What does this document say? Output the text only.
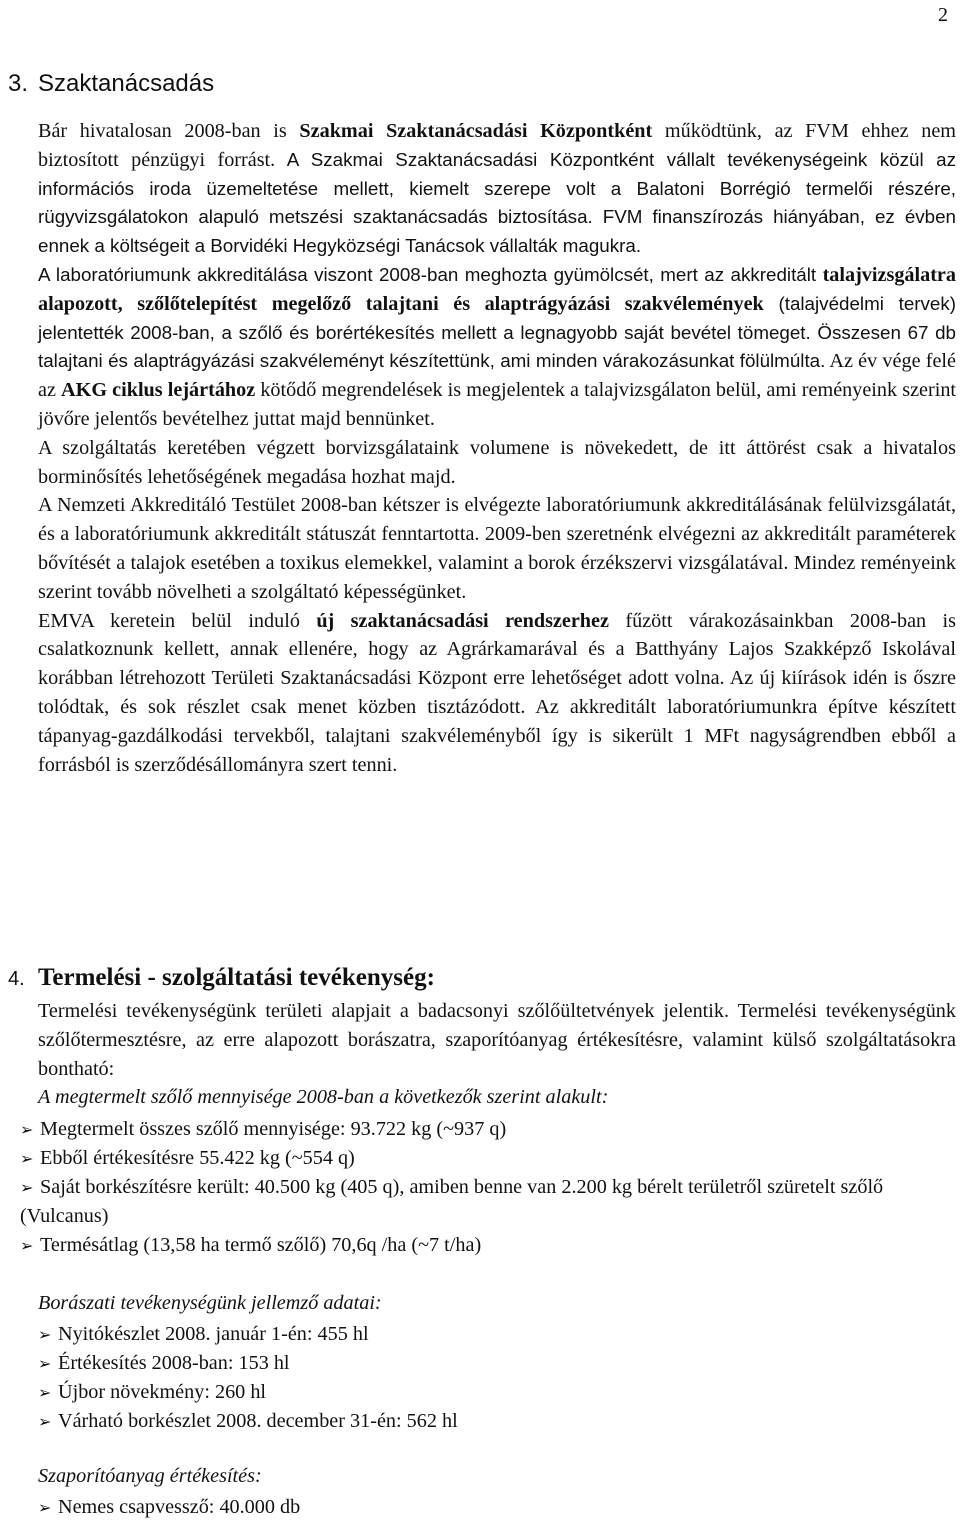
2
3. Szaktanácsadás

Bár hivatalosan 2008-ban is Szakmai Szaktanácsadási Központként működtünk, az FVM ehhez nem biztosított pénzügyi forrást. A Szakmai Szaktanácsadási Központként vállalt tevékenységeink közül az információs iroda üzemeltetése mellett, kiemelt szerepe volt a Balatoni Borrégió termelői részére, rügyvizsgálatokon alapuló metszési szaktanácsadás biztosítása. FVM finanszírozás hiányában, ez évben ennek a költségeit a Borvidéki Hegyközségi Tanácsok vállalták magukra.

A laboratóriumunk akkreditálása viszont 2008-ban meghozta gyümölcsét, mert az akkreditált talajvizsgálatra alapozott, szőlőtelepítést megelőző talajtani és alaptrágyázási szakvélemények (talajvédelmi tervek) jelentették 2008-ban, a szőlő és borértékesítés mellett a legnagyobb saját bevétel tömeget. Összesen 67 db talajtani és alaptrágyázási szakvéleményt készítettünk, ami minden várakozásunkat fölülmúlta. Az év vége felé az AKG ciklus lejártához kötődő megrendelések is megjelentek a talajvizsgálaton belül, ami reményeink szerint jövőre jelentős bevételhez juttat majd bennünket.

A szolgáltatás keretében végzett borvizsgálataink volumene is növekedett, de itt áttörést csak a hivatalos borminősítés lehetőségének megadása hozhat majd.

A Nemzeti Akkreditáló Testület 2008-ban kétszer is elvégezte laboratóriumunk akkreditálásának felülvizsgálatát, és a laboratóriumunk akkreditált státuszát fenntartotta. 2009-ben szeretnénk elvégezni az akkreditált paraméterek bővítését a talajok esetében a toxikus elemekkel, valamint a borok érzékszervi vizsgálatával. Mindez reményeink szerint tovább növelheti a szolgáltató képességünket.

EMVA keretein belül induló új szaktanácsadási rendszerhez fűzött várakozásainkban 2008-ban is csalatkoznunk kellett, annak ellenére, hogy az Agrárkamarával és a Batthyány Lajos Szakképző Iskolával korábban létrehozott Területi Szaktanácsadási Központ erre lehetőséget adott volna. Az új kiírások idén is őszre tolódtak, és sok részlet csak menet közben tisztázódott. Az akkreditált laboratóriumunkra építve készített tápanyag-gazdálkodási tervekből, talajtani szakvéleményből így is sikerült 1 MFt nagyságrendben ebből a forrásból is szerződésállományra szert tenni.

4. Termelési - szolgáltatási tevékenység:

Termelési tevékenységünk területi alapjait a badacsonyi szőlőültetvények jelentik. Termelési tevékenységünk szőlőtermesztésre, az erre alapozott borászatra, szaporítóanyag értékesítésre, valamint külső szolgáltatásokra bontható:

A megtermelt szőlő mennyisége 2008-ban a következők szerint alakult:

➢ Megtermelt összes szőlő mennyisége: 93.722 kg (~937 q)

➢ Ebből értékesítésre 55.422 kg (~554 q)

➢ Saját borkészítésre került: 40.500 kg (405 q), amiben benne van 2.200 kg bérelt területről szüretelt szőlő (Vulcanus)

➢ Termésátlag (13,58 ha termő szőlő) 70,6q /ha (~7 t/ha)

Borászati tevékenységünk jellemző adatai:

➢ Nyitókészlet 2008. január 1-én: 455 hl

➢ Értékesítés 2008-ban: 153 hl

➢ Újbor növekmény: 260 hl

➢ Várható borkészlet 2008. december 31-én: 562 hl

Szaporítóanyag értékesítés:

➢ Nemes csapvessző: 40.000 db
